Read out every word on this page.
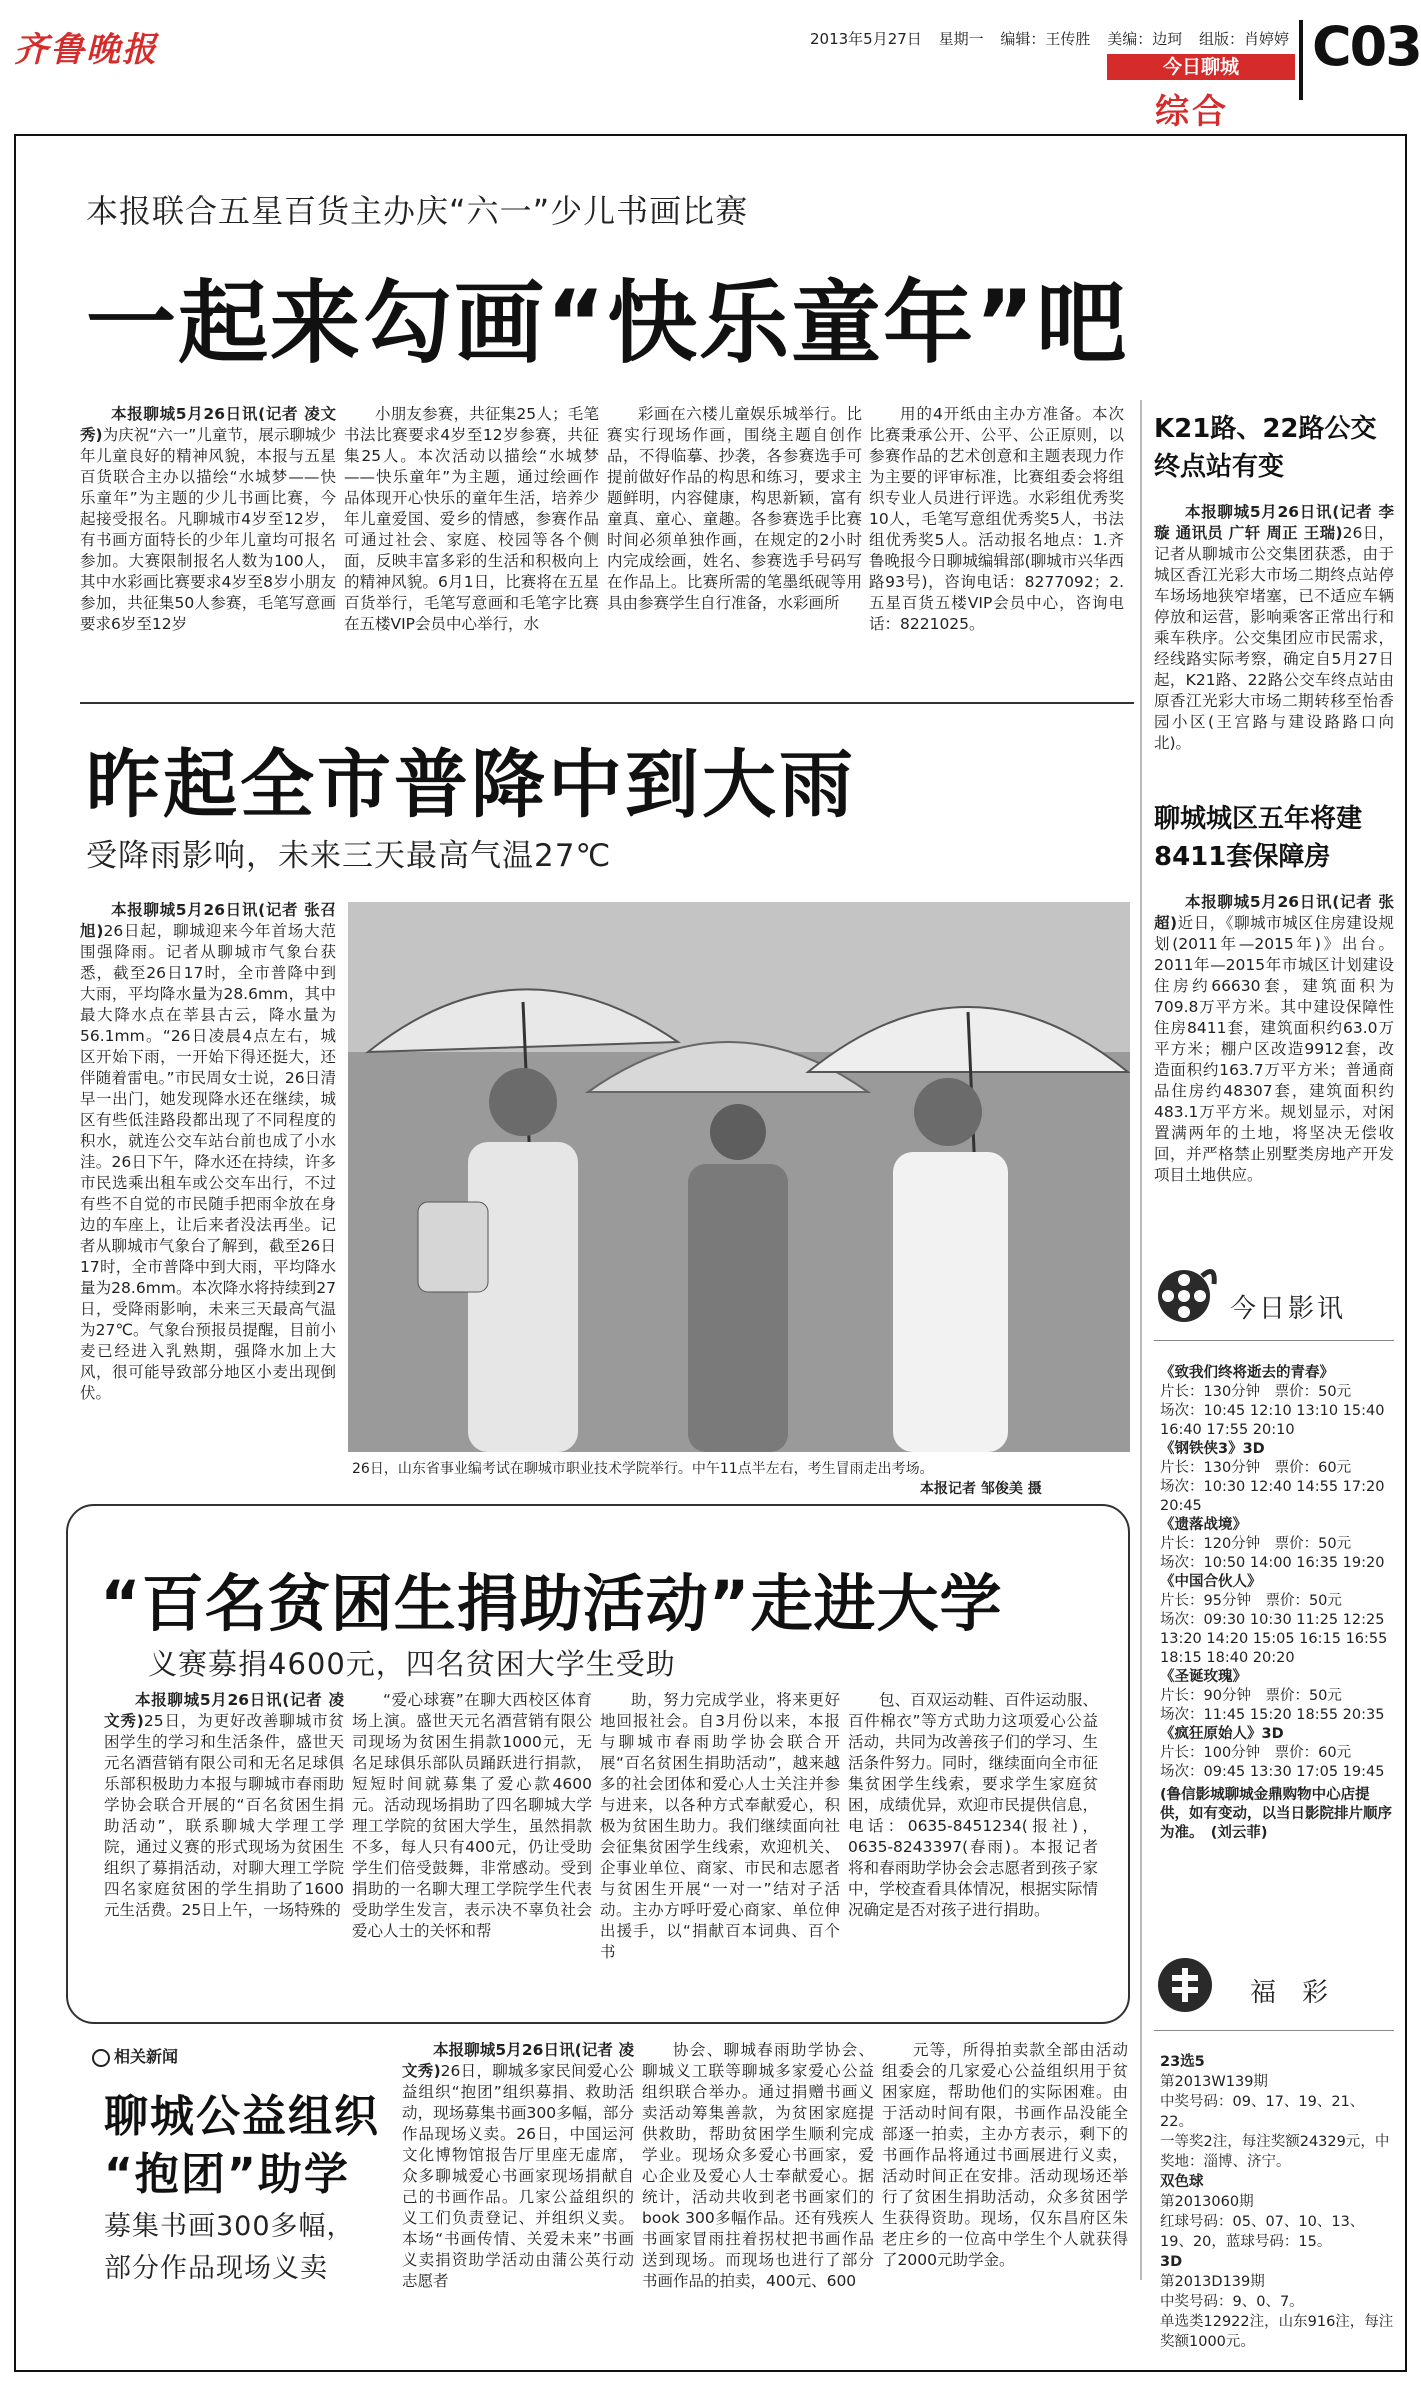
齐鲁晚报	2013年5月27日 星期一 编辑：王传胜 美编：边珂 组版：肖婷婷
今日聊城
综合
C03
本报联合五星百货主办庆“六一”少儿书画比赛
一起来勾画“快乐童年”吧

本报聊城5月26日讯(记者 凌文秀)为庆祝“六一”儿童节，展示聊城少年儿童良好的精神风貌，本报与五星百货联合主办以描绘“水城梦——快乐童年”为主题的少儿书画比赛，今起接受报名。凡聊城市4岁至12岁，有书画方面特长的少年儿童均可报名参加。大赛限制报名人数为100人，其中水彩画比赛要求4岁至8岁小朋友参加，共征集50人参赛，毛笔写意画要求6岁至12岁

小朋友参赛，共征集25人；毛笔书法比赛要求4岁至12岁参赛，共征集25人。本次活动以描绘“水城梦——快乐童年”为主题，通过绘画作品体现开心快乐的童年生活，培养少年儿童爱国、爱乡的情感，参赛作品可通过社会、家庭、校园等各个侧面，反映丰富多彩的生活和积极向上的精神风貌。6月1日，比赛将在五星百货举行，毛笔写意画和毛笔字比赛在五楼VIP会员中心举行，水

彩画在六楼儿童娱乐城举行。比赛实行现场作画，围绕主题自创作品，不得临摹、抄袭，各参赛选手可提前做好作品的构思和练习，要求主题鲜明，内容健康，构思新颖，富有童真、童心、童趣。各参赛选手比赛时间必须单独作画，在规定的2小时内完成绘画，姓名、参赛选手号码写在作品上。比赛所需的笔墨纸砚等用具由参赛学生自行准备，水彩画所

用的4开纸由主办方准备。本次比赛秉承公开、公平、公正原则，以参赛作品的艺术创意和主题表现力作为主要的评审标准，比赛组委会将组织专业人员进行评选。水彩组优秀奖10人，毛笔写意组优秀奖5人，书法组优秀奖5人。活动报名地点：1.齐鲁晚报今日聊城编辑部(聊城市兴华西路93号)，咨询电话：8277092；2.五星百货五楼VIP会员中心，咨询电话：8221025。

K21路、22路公交终点站有变

本报聊城5月26日讯(记者 李璇 通讯员 广轩 周正 王瑞)26日，记者从聊城市公交集团获悉，由于城区香江光彩大市场二期终点站停车场场地狭窄堵塞，已不适应车辆停放和运营，影响乘客正常出行和乘车秩序。公交集团应市民需求，经线路实际考察，确定自5月27日起，K21路、22路公交车终点站由原香江光彩大市场二期转移至怡香园小区(王宫路与建设路路口向北)。

聊城城区五年将建8411套保障房

本报聊城5月26日讯(记者 张超)近日，《聊城市城区住房建设规划(2011年—2015年)》出台。2011年—2015年市城区计划建设住房约66630套，建筑面积为709.8万平方米。其中建设保障性住房8411套，建筑面积约63.0万平方米；棚户区改造9912套，改造面积约163.7万平方米；普通商品住房约48307套，建筑面积约483.1万平方米。规划显示，对闲置满两年的土地，将坚决无偿收回，并严格禁止别墅类房地产开发项目土地供应。

今日影讯
《致我们终将逝去的青春》
片长：130分钟　票价：50元
场次：10:45 12:10 13:10 15:40 16:40 17:55 20:10
《钢铁侠3》3D
片长：130分钟　票价：60元
场次：10:30 12:40 14:55 17:20 20:45
《遗落战境》
片长：120分钟　票价：50元
场次：10:50 14:00 16:35 19:20
《中国合伙人》
片长：95分钟　票价：50元
场次：09:30 10:30 11:25 12:25 13:20 14:20 15:05 16:15 16:55 18:15 18:40 20:20
《圣诞玫瑰》
片长：90分钟　票价：50元
场次：11:45 15:20 18:55 20:35
《疯狂原始人》3D
片长：100分钟　票价：60元
场次：09:45 13:30 17:05 19:45
(鲁信影城聊城金鼎购物中心店提供，如有变动，以当日影院排片顺序为准。　(刘云菲)
福　彩
23选5
第2013W139期
中奖号码：09、17、19、21、22。
一等奖2注，每注奖额24329元，中奖地：淄博、济宁。
双色球
第2013060期
红球号码：05、07、10、13、19、20，蓝球号码：15。
3D
第2013D139期
中奖号码：9、0、7。
单选类12922注，山东916注，每注奖额1000元。
昨起全市普降中到大雨
受降雨影响，未来三天最高气温27℃

本报聊城5月26日讯(记者 张召旭)26日起，聊城迎来今年首场大范围强降雨。记者从聊城市气象台获悉，截至26日17时，全市普降中到大雨，平均降水量为28.6mm，其中最大降水点在莘县古云，降水量为56.1mm。“26日凌晨4点左右，城区开始下雨，一开始下得还挺大，还伴随着雷电。”市民周女士说，26日清早一出门，她发现降水还在继续，城区有些低洼路段都出现了不同程度的积水，就连公交车站台前也成了小水洼。26日下午，降水还在持续，许多市民选乘出租车或公交车出行，不过有些不自觉的市民随手把雨伞放在身边的车座上，让后来者没法再坐。记者从聊城市气象台了解到，截至26日17时，全市普降中到大雨，平均降水量为28.6mm。本次降水将持续到27日，受降雨影响，未来三天最高气温为27℃。气象台预报员提醒，目前小麦已经进入乳熟期，强降水加上大风，很可能导致部分地区小麦出现倒伏。

26日，山东省事业编考试在聊城市职业技术学院举行。中午11点半左右，考生冒雨走出考场。
本报记者 邹俊美 摄
“百名贫困生捐助活动”走进大学
义赛募捐4600元，四名贫困大学生受助

本报聊城5月26日讯(记者 凌文秀)25日，为更好改善聊城市贫困学生的学习和生活条件，盛世天元名酒营销有限公司和无名足球俱乐部积极助力本报与聊城市春雨助学协会联合开展的“百名贫困生捐助活动”，联系聊城大学理工学院，通过义赛的形式现场为贫困生组织了募捐活动，对聊大理工学院四名家庭贫困的学生捐助了1600元生活费。25日上午，一场特殊的

“爱心球赛”在聊大西校区体育场上演。盛世天元名酒营销有限公司现场为贫困生捐款1000元，无名足球俱乐部队员踊跃进行捐款，短短时间就募集了爱心款4600元。活动现场捐助了四名聊城大学理工学院的贫困大学生，虽然捐款不多，每人只有400元，仍让受助学生们倍受鼓舞，非常感动。受到捐助的一名聊大理工学院学生代表受助学生发言，表示决不辜负社会爱心人士的关怀和帮

助，努力完成学业，将来更好地回报社会。自3月份以来，本报与聊城市春雨助学协会联合开展“百名贫困生捐助活动”，越来越多的社会团体和爱心人士关注并参与进来，以各种方式奉献爱心，积极为贫困生助力。我们继续面向社会征集贫困学生线索，欢迎机关、企事业单位、商家、市民和志愿者与贫困生开展“一对一”结对子活动。主办方呼吁爱心商家、单位伸出援手，以“捐献百本词典、百个书

包、百双运动鞋、百件运动服、百件棉衣”等方式助力这项爱心公益活动，共同为改善孩子们的学习、生活条件努力。同时，继续面向全市征集贫困学生线索，要求学生家庭贫困，成绩优异，欢迎市民提供信息，电话：0635-8451234(报社)，0635-8243397(春雨)。本报记者将和春雨助学协会会志愿者到孩子家中，学校查看具体情况，根据实际情况确定是否对孩子进行捐助。

相关新闻
聊城公益组织
“抱团”助学
募集书画300多幅，
部分作品现场义卖

本报聊城5月26日讯(记者 凌文秀)26日，聊城多家民间爱心公益组织“抱团”组织募捐、救助活动，现场募集书画300多幅，部分作品现场义卖。26日，中国运河文化博物馆报告厅里座无虚席，众多聊城爱心书画家现场捐献自己的书画作品。几家公益组织的义工们负责登记、并组织义卖。本场“书画传情、关爱未来”书画义卖捐资助学活动由蒲公英行动志愿者

协会、聊城春雨助学协会、聊城义工联等聊城多家爱心公益组织联合举办。通过捐赠书画义卖活动筹集善款，为贫困家庭提供救助，帮助贫困学生顺利完成学业。现场众多爱心书画家，爱心企业及爱心人士奉献爱心。据统计，活动共收到老书画家们的book 300多幅作品。还有残疾人书画家冒雨拄着拐杖把书画作品送到现场。而现场也进行了部分书画作品的拍卖，400元、600

元等，所得拍卖款全部由活动组委会的几家爱心公益组织用于贫困家庭，帮助他们的实际困难。由于活动时间有限，书画作品没能全部逐一拍卖，主办方表示，剩下的书画作品将通过书画展进行义卖，活动时间正在安排。活动现场还举行了贫困生捐助活动，众多贫困学生获得资助。现场，仅东昌府区朱老庄乡的一位高中学生个人就获得了2000元助学金。
